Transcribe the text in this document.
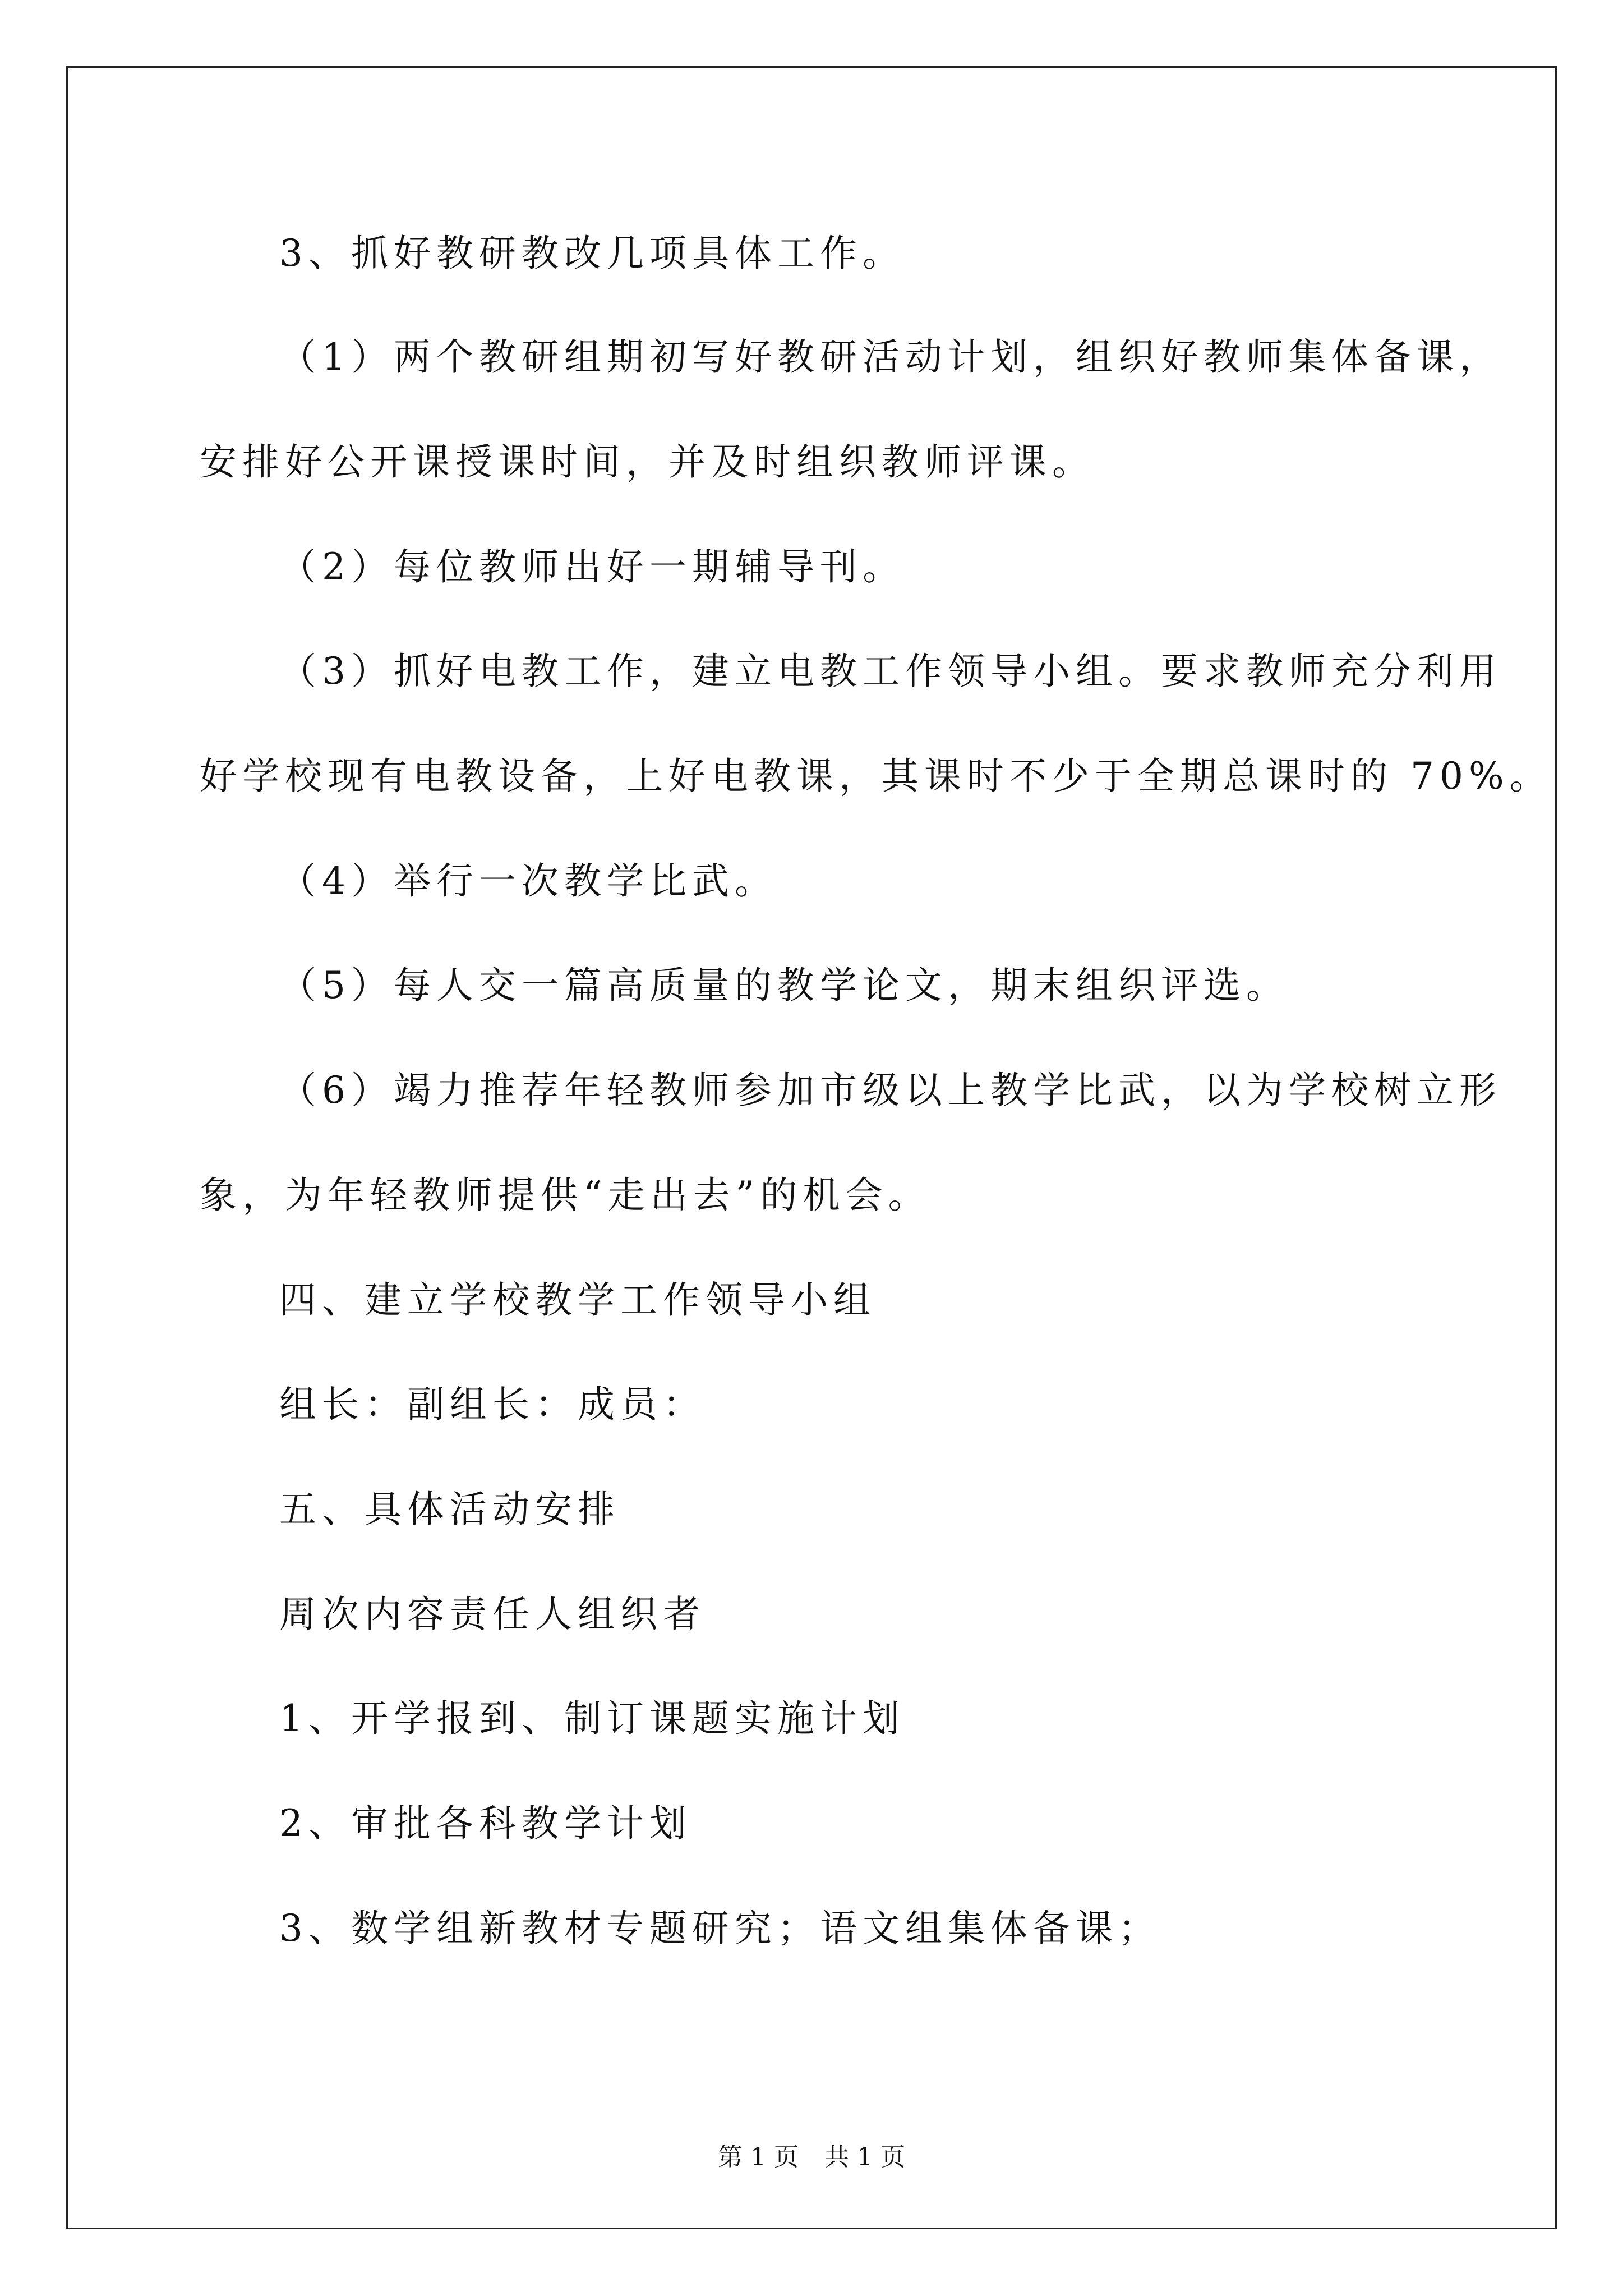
3、抓好教研教改几项具体工作。
（1）两个教研组期初写好教研活动计划，组织好教师集体备课，
安排好公开课授课时间，并及时组织教师评课。
（2）每位教师出好一期辅导刊。
（3）抓好电教工作，建立电教工作领导小组。要求教师充分利用
好学校现有电教设备，上好电教课，其课时不少于全期总课时的 70%。
（4）举行一次教学比武。
（5）每人交一篇高质量的教学论文，期末组织评选。
（6）竭力推荐年轻教师参加市级以上教学比武，以为学校树立形
象，为年轻教师提供“走出去”的机会。
四、建立学校教学工作领导小组
组长：副组长：成员：
五、具体活动安排
周次内容责任人组织者
1、开学报到、制订课题实施计划
2、审批各科教学计划
3、数学组新教材专题研究；语文组集体备课；
第 1 页 共 1 页
